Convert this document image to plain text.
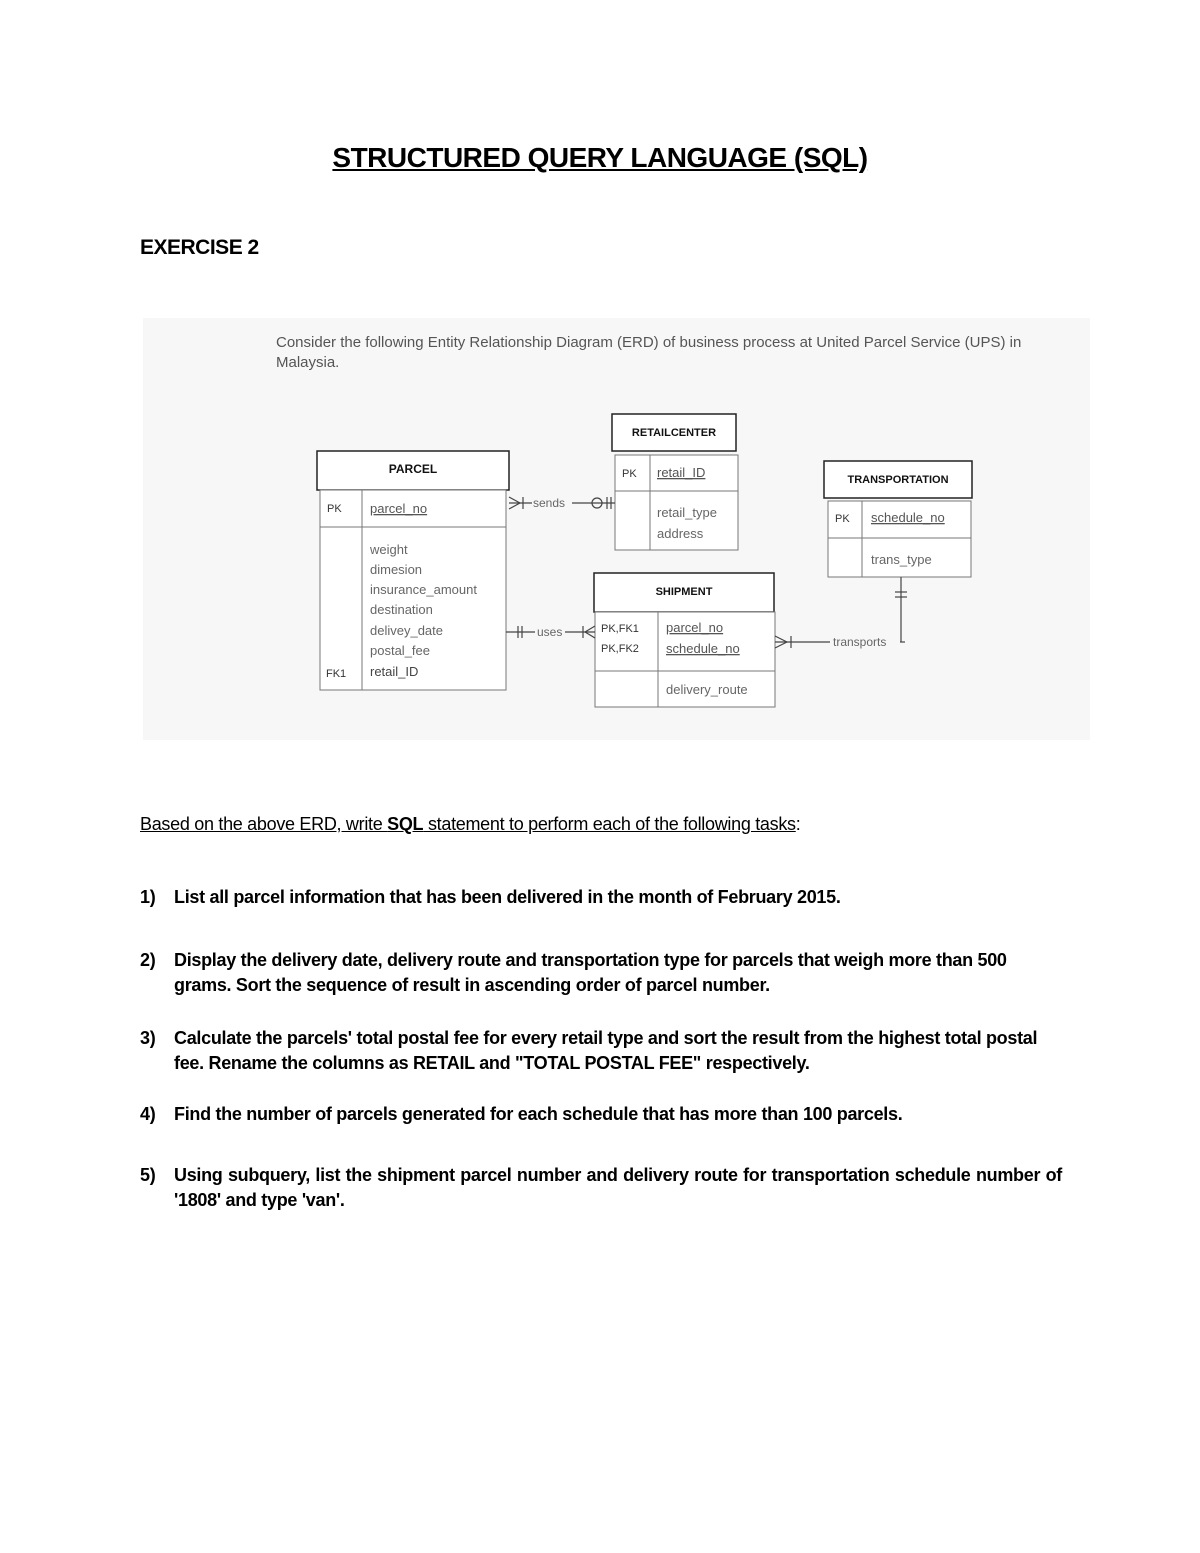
STRUCTURED QUERY LANGUAGE (SQL)
EXERCISE 2
Consider the following Entity Relationship Diagram (ERD) of business process at United Parcel Service (UPS) in Malaysia.
PARCEL
PK parcel_no
weight
dimesion
insurance_amount
destination
delivey_date
postal_fee
FK1 retail_ID
RETAILCENTER
PK retail_ID
retail_type
address
TRANSPORTATION
PK schedule_no
trans_type
SHIPMENT
PK,FK1
PK,FK2
parcel_no
schedule_no
delivery_route
sends
uses
transports
Based on the above ERD, write SQL statement to perform each of the following tasks:
1)	List all parcel information that has been delivered in the month of February 2015.
2)	Display the delivery date, delivery route and transportation type for parcels that weigh more than 500 grams. Sort the sequence of result in ascending order of parcel number.
3)	Calculate the parcels' total postal fee for every retail type and sort the result from the highest total postal fee. Rename the columns as RETAIL and "TOTAL POSTAL FEE" respectively.
4)	Find the number of parcels generated for each schedule that has more than 100 parcels.
5)	Using subquery, list the shipment parcel number and delivery route for transportation schedule number of '1808' and type 'van'.
